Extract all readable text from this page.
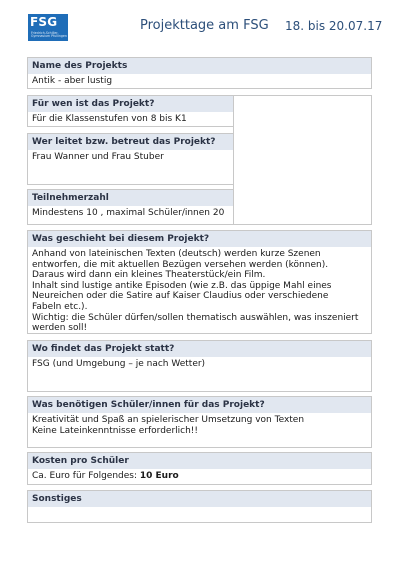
FSG
Friedrich-Schiller-Gymnasium Pfullingen
Projekttage am FSG 18. bis 20.07.17
Name des Projekts
Antik - aber lustig
Für wen ist das Projekt?
Für die Klassenstufen von 8 bis K1
Wer leitet bzw. betreut das Projekt?
Frau Wanner und Frau Stuber
Teilnehmerzahl
Mindestens 10 , maximal Schüler/innen 20
Was geschieht bei diesem Projekt?
Anhand von lateinischen Texten (deutsch) werden kurze Szenen
entworfen, die mit aktuellen Bezügen versehen werden (können).
Daraus wird dann ein kleines Theaterstück/ein Film.
Inhalt sind lustige antike Episoden (wie z.B. das üppige Mahl eines
Neureichen oder die Satire auf Kaiser Claudius oder verschiedene
Fabeln etc.).
Wichtig: die Schüler dürfen/sollen thematisch auswählen, was inszeniert
werden soll!
Wo findet das Projekt statt?
FSG (und Umgebung – je nach Wetter)
Was benötigen Schüler/innen für das Projekt?
Kreativität und Spaß an spielerischer Umsetzung von Texten
Keine Lateinkenntnisse erforderlich!!
Kosten pro Schüler
Ca. Euro für Folgendes: 10 Euro
Sonstiges
